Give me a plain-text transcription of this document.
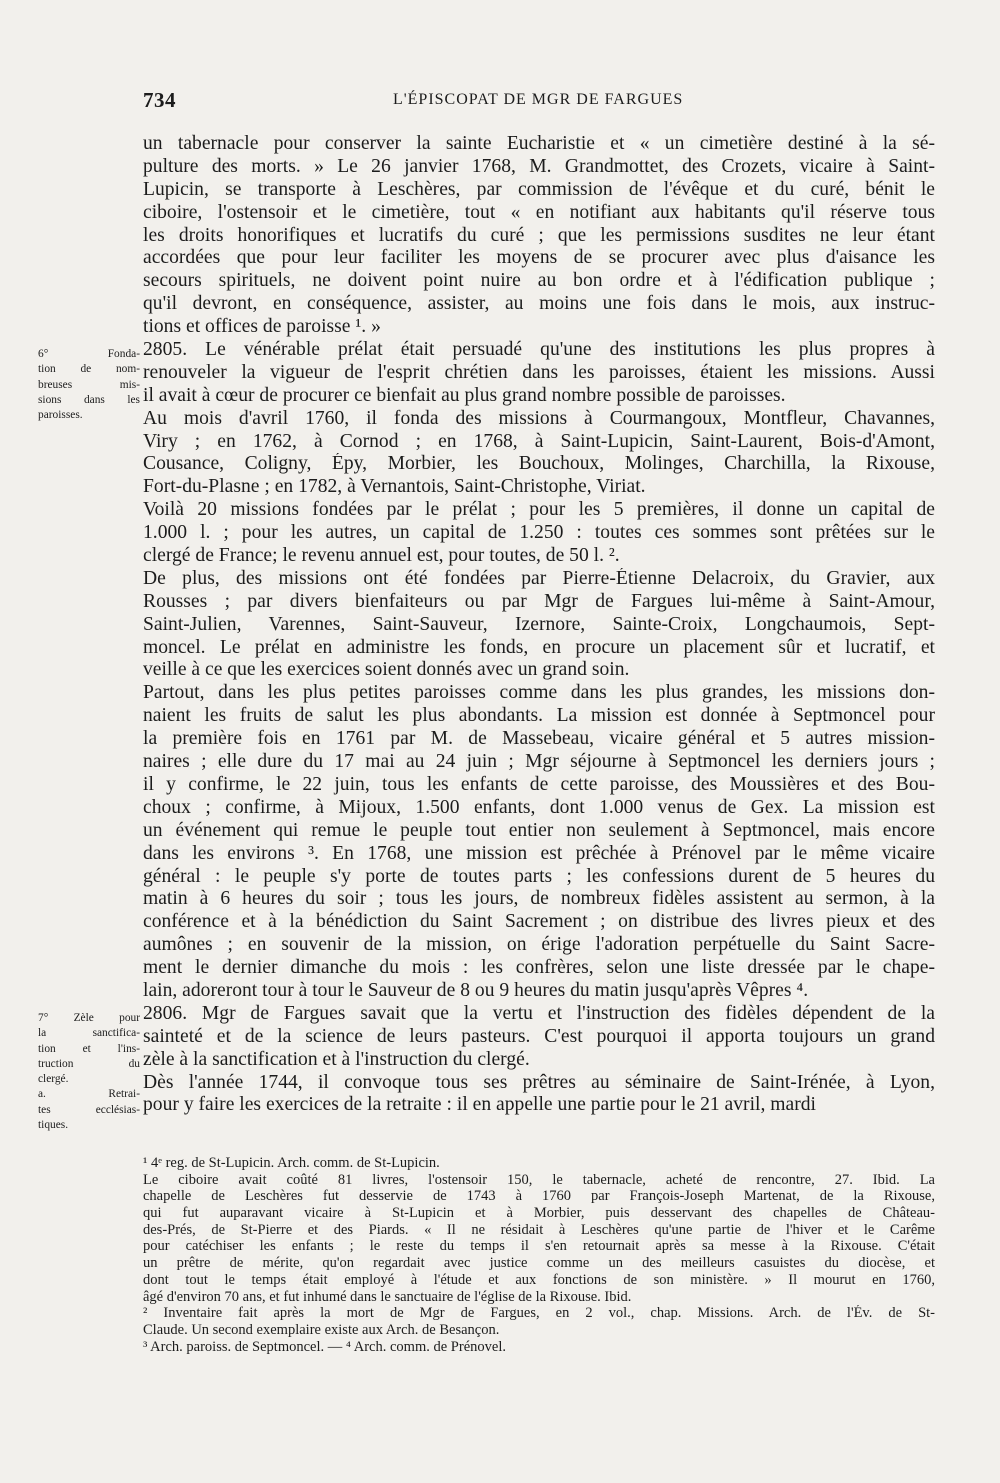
734	L'ÉPISCOPAT DE MGR DE FARGUES
un tabernacle pour conserver la sainte Eucharistie et « un cimetière destiné à la sé-
pulture des morts. » Le 26 janvier 1768, M. Grandmottet, des Crozets, vicaire à Saint-
Lupicin, se transporte à Leschères, par commission de l'évêque et du curé, bénit le
ciboire, l'ostensoir et le cimetière, tout « en notifiant aux habitants qu'il réserve tous
les droits honorifiques et lucratifs du curé ; que les permissions susdites ne leur étant
accordées que pour leur faciliter les moyens de se procurer avec plus d'aisance les
secours spirituels, ne doivent point nuire au bon ordre et à l'édification publique ;
qu'il devront, en conséquence, assister, au moins une fois dans le mois, aux instruc-
tions et offices de paroisse ¹. »
2805. Le vénérable prélat était persuadé qu'une des institutions les plus propres à
renouveler la vigueur de l'esprit chrétien dans les paroisses, étaient les missions. Aussi
il avait à cœur de procurer ce bienfait au plus grand nombre possible de paroisses.
Au mois d'avril 1760, il fonda des missions à Courmangoux, Montfleur, Chavannes,
Viry ; en 1762, à Cornod ; en 1768, à Saint-Lupicin, Saint-Laurent, Bois-d'Amont,
Cousance, Coligny, Épy, Morbier, les Bouchoux, Molinges, Charchilla, la Rixouse,
Fort-du-Plasne ; en 1782, à Vernantois, Saint-Christophe, Viriat.
Voilà 20 missions fondées par le prélat ; pour les 5 premières, il donne un capital de
1.000 l. ; pour les autres, un capital de 1.250 : toutes ces sommes sont prêtées sur le
clergé de France; le revenu annuel est, pour toutes, de 50 l. ².
De plus, des missions ont été fondées par Pierre-Étienne Delacroix, du Gravier, aux
Rousses ; par divers bienfaiteurs ou par Mgr de Fargues lui-même à Saint-Amour,
Saint-Julien, Varennes, Saint-Sauveur, Izernore, Sainte-Croix, Longchaumois, Sept-
moncel. Le prélat en administre les fonds, en procure un placement sûr et lucratif, et
veille à ce que les exercices soient donnés avec un grand soin.
Partout, dans les plus petites paroisses comme dans les plus grandes, les missions don-
naient les fruits de salut les plus abondants. La mission est donnée à Septmoncel pour
la première fois en 1761 par M. de Massebeau, vicaire général et 5 autres mission-
naires ; elle dure du 17 mai au 24 juin ; Mgr séjourne à Septmoncel les derniers jours ;
il y confirme, le 22 juin, tous les enfants de cette paroisse, des Moussières et des Bou-
choux ; confirme, à Mijoux, 1.500 enfants, dont 1.000 venus de Gex. La mission est
un événement qui remue le peuple tout entier non seulement à Septmoncel, mais encore
dans les environs ³. En 1768, une mission est prêchée à Prénovel par le même vicaire
général : le peuple s'y porte de toutes parts ; les confessions durent de 5 heures du
matin à 6 heures du soir ; tous les jours, de nombreux fidèles assistent au sermon, à la
conférence et à la bénédiction du Saint Sacrement ; on distribue des livres pieux et des
aumônes ; en souvenir de la mission, on érige l'adoration perpétuelle du Saint Sacre-
ment le dernier dimanche du mois : les confrères, selon une liste dressée par le chape-
lain, adoreront tour à tour le Sauveur de 8 ou 9 heures du matin jusqu'après Vêpres ⁴.
2806. Mgr de Fargues savait que la vertu et l'instruction des fidèles dépendent de la
sainteté et de la science de leurs pasteurs. C'est pourquoi il apporta toujours un grand
zèle à la sanctification et à l'instruction du clergé.
Dès l'année 1744, il convoque tous ses prêtres au séminaire de Saint-Irénée, à Lyon,
pour y faire les exercices de la retraite : il en appelle une partie pour le 21 avril, mardi
6° Fonda-
tion de nom-
breuses mis-
sions dans les
paroisses.
7° Zèle pour
la sanctifica-
tion et l'ins-
truction du
clergé.
a. Retrai-
tes ecclésias-
tiques.
¹ 4ᵉ reg. de St-Lupicin. Arch. comm. de St-Lupicin.
Le ciboire avait coûté 81 livres, l'ostensoir 150, le tabernacle, acheté de rencontre, 27. Ibid. La
chapelle de Leschères fut desservie de 1743 à 1760 par François-Joseph Martenat, de la Rixouse,
qui fut auparavant vicaire à St-Lupicin et à Morbier, puis desservant des chapelles de Château-
des-Prés, de St-Pierre et des Piards. « Il ne résidait à Leschères qu'une partie de l'hiver et le Carême
pour catéchiser les enfants ; le reste du temps il s'en retournait après sa messe à la Rixouse. C'était
un prêtre de mérite, qu'on regardait avec justice comme un des meilleurs casuistes du diocèse, et
dont tout le temps était employé à l'étude et aux fonctions de son ministère. » Il mourut en 1760,
âgé d'environ 70 ans, et fut inhumé dans le sanctuaire de l'église de la Rixouse. Ibid.
² Inventaire fait après la mort de Mgr de Fargues, en 2 vol., chap. Missions. Arch. de l'Év. de St-
Claude. Un second exemplaire existe aux Arch. de Besançon.
³ Arch. paroiss. de Septmoncel. — ⁴ Arch. comm. de Prénovel.
